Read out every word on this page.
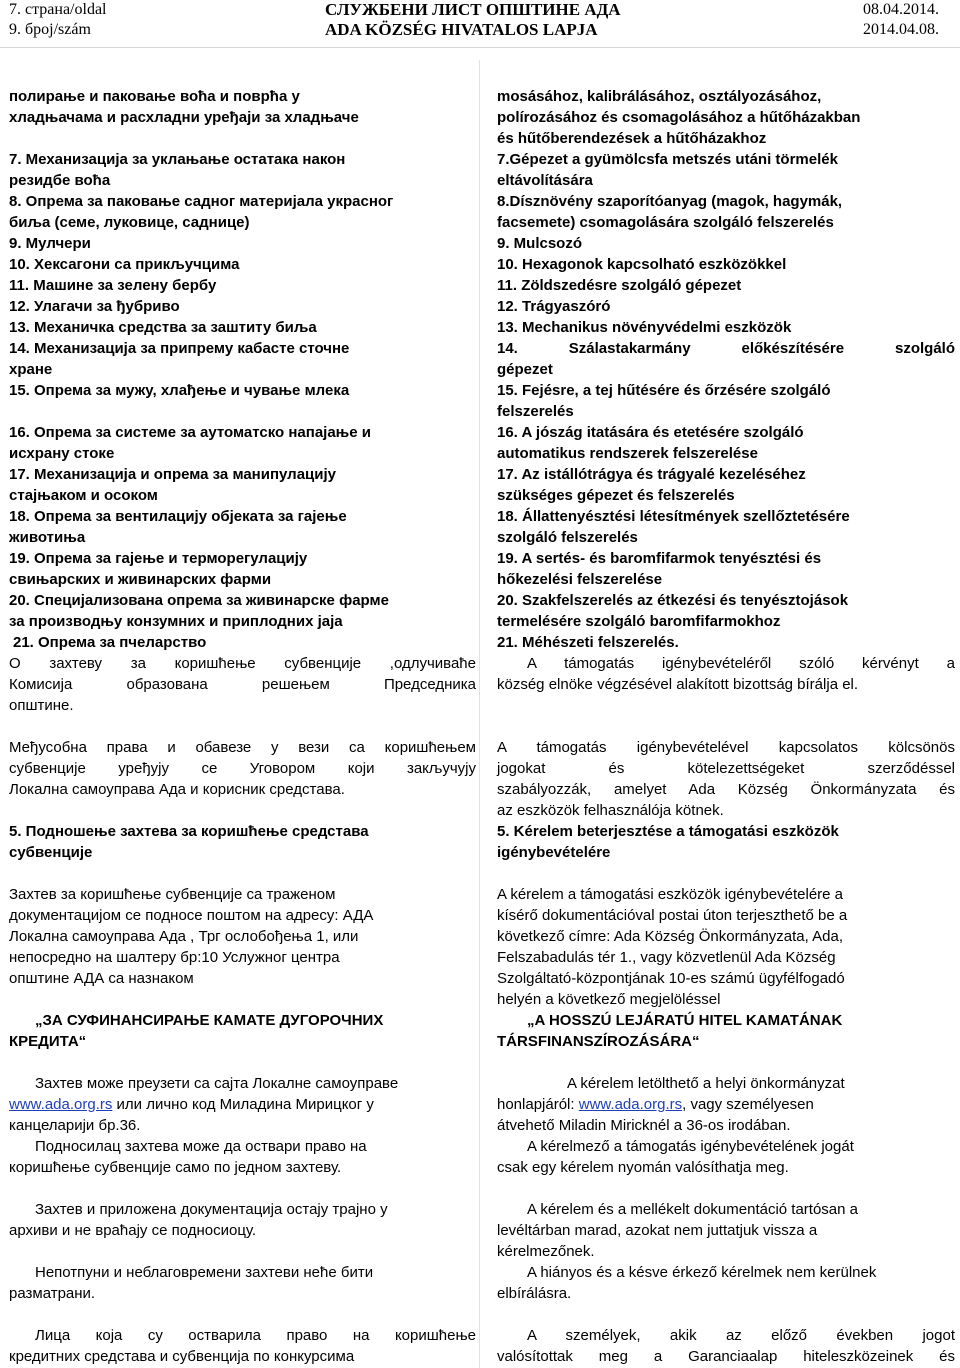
7. страна/oldal
9. број/szám
СЛУЖБЕНИ ЛИСТ ОПШТИНЕ АДА
ADA KÖZSÉG HIVATALOS LAPJA
08.04.2014.
2014.04.08.
полирање и паковање воћа и поврћа у
хладњачама и расхладни уређаји за хладњаче
7. Механизација за уклањање остатака након
резидбе воћа
8. Опрема за паковање садног материјала украсног
биља (семе, луковице, саднице)
9. Мулчери
10. Хексагони са прикључцима
11. Машине за зелену бербу
12. Улагачи за ђубриво
13. Механичка средства за заштиту биља
14. Механизација за припрему кабасте сточне
хране
15. Опрема за мужу, хлађење и чување млека
16. Опрема за системе за аутоматско напајање и
исхрану стоке
17. Механизација и опрема за манипулацију
стајњаком и осоком
18. Опрема за вентилацију објеката за гајење
животиња
19. Опрема за гајење и терморегулацију
свињарских и живинарских фарми
20. Специјализована опрема за живинарске фарме
за производњу конзумних и приплодних јаја
21. Опрема за пчеларство
О захтеву за коришћење субвенције ,одлучиваће
Комисија образована решењем Председника
општине.
Међусобна права и обавезе у вези са коришћењем
субвенције уређују се Уговором који закључују
Локална самоуправа Ада и корисник средстава.
5. Подношење захтева за коришћење средстава
субвенције
Захтев за коришћење субвенције са траженом
документацијом се подносе поштом на адресу: АДА
Локална самоуправа Ада , Трг ослобођења 1, или
непосредно на шалтеру бр:10 Услужног центра
општине АДА са назнаком
„ЗА СУФИНАНСИРАЊЕ КАМАТЕ ДУГОРОЧНИХ
КРЕДИТА“
Захтев може преузети са сајта Локалне самоуправе
www.ada.org.rs или лично код Миладина Мирицког у
канцеларији бр.36.
Подносилац захтева може да оствари право на
коришћење субвенције само по једном захтеву.
Захтев и приложена документација остају трајно у
архиви и не враћају се подносиоцу.
Непотпуни и неблаговремени захтеви неће бити
разматрани.
Лица која су остварила право на коришћење
кредитних средстава и субвенција по конкурсима
mosásához, kalibrálásához, osztályozásához,
polírozásához és csomagolásához a hűtőházakban
és hűtőberendezések a hűtőházakhoz
7.Gépezet a gyümölcsfa metszés utáni törmelék
eltávolítására
8.Dísznövény szaporítóanyag (magok, hagymák,
facsemete) csomagolására szolgáló felszerelés
9. Mulcsozó
10. Hexagonok kapcsolható eszközökkel
11. Zöldszedésre szolgáló gépezet
12. Trágyaszóró
13. Mechanikus növényvédelmi eszközök
14. Szálastakarmány előkészítésére szolgáló
gépezet
15. Fejésre, a tej hűtésére és őrzésére szolgáló
felszerelés
16. A jószág itatására és etetésére szolgáló
automatikus rendszerek felszerelése
17. Az istállótrágya és trágyalé kezeléséhez
szükséges gépezet és felszerelés
18. Állattenyésztési létesítmények szellőztetésére
szolgáló felszerelés
19. A sertés- és baromfifarmok tenyésztési és
hőkezelési felszerelése
20. Szakfelszerelés az étkezési és tenyésztojások
termelésére szolgáló baromfifarmokhoz
21. Méhészeti felszerelés.
A támogatás igénybevételéről szóló kérvényt a
község elnöke végzésével alakított bizottság bírálja el.
A támogatás igénybevételével kapcsolatos kölcsönös
jogokat és kötelezettségeket szerződéssel
szabályozzák, amelyet Ada Község Önkormányzata és
az eszközök felhasználója kötnek.
5. Kérelem beterjesztése a támogatási eszközök
igénybevételére
A kérelem a támogatási eszközök igénybevételére a
kísérő dokumentációval postai úton terjeszthető be a
következő címre: Ada Község Önkormányzata, Ada,
Felszabadulás tér 1., vagy közvetlenül Ada Község
Szolgáltató-központjának 10-es számú ügyfélfogadó
helyén a következő megjelöléssel
„A HOSSZÚ LEJÁRATÚ HITEL KAMATÁNAK
TÁRSFINANSZÍROZÁSÁRA“
A kérelem letölthető a helyi önkormányzat
honlapjáról: www.ada.org.rs, vagy személyesen
átvehető Miladin Miricknél a 36-os irodában.
A kérelmező a támogatás igénybevételének jogát
csak egy kérelem nyomán valósíthatja meg.
A kérelem és a mellékelt dokumentáció tartósan a
levéltárban marad, azokat nem juttatjuk vissza a
kérelmezőnek.
A hiányos és a késve érkező kérelmek nem kerülnek
elbírálásra.
A személyek, akik az előző években jogot
valósítottak meg a Garanciaalap hiteleszközeinek és
